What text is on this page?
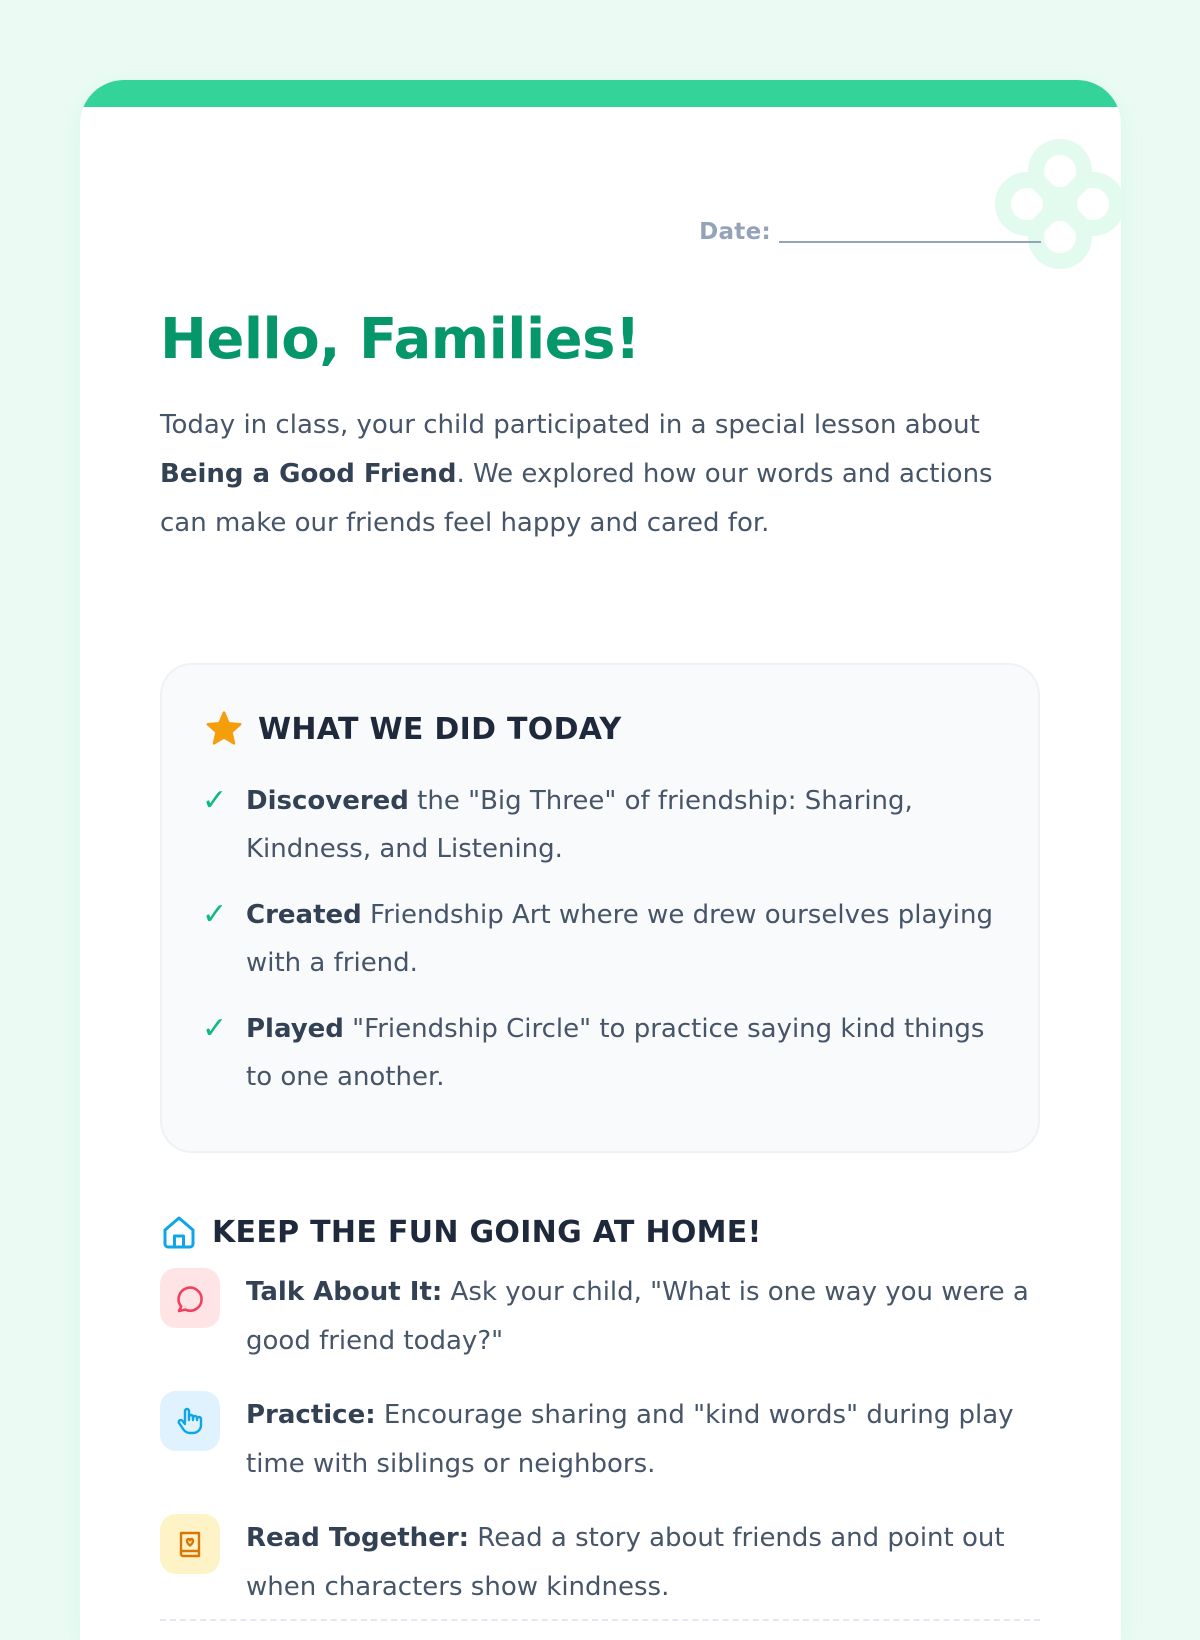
Date:
Hello, Families!

Today in class, your child participated in a special lesson about Being a Good Friend. We explored how our words and actions can make our friends feel happy and cared for.

WHAT WE DID TODAY
✓ Discovered the "Big Three" of friendship: Sharing, Kindness, and Listening.
✓ Created Friendship Art where we drew ourselves playing with a friend.
✓ Played "Friendship Circle" to practice saying kind things to one another.
KEEP THE FUN GOING AT HOME!
Talk About It: Ask your child, "What is one way you were a good friend today?"
Practice: Encourage sharing and "kind words" during play time with siblings or neighbors.
Read Together: Read a story about friends and point out when characters show kindness.
